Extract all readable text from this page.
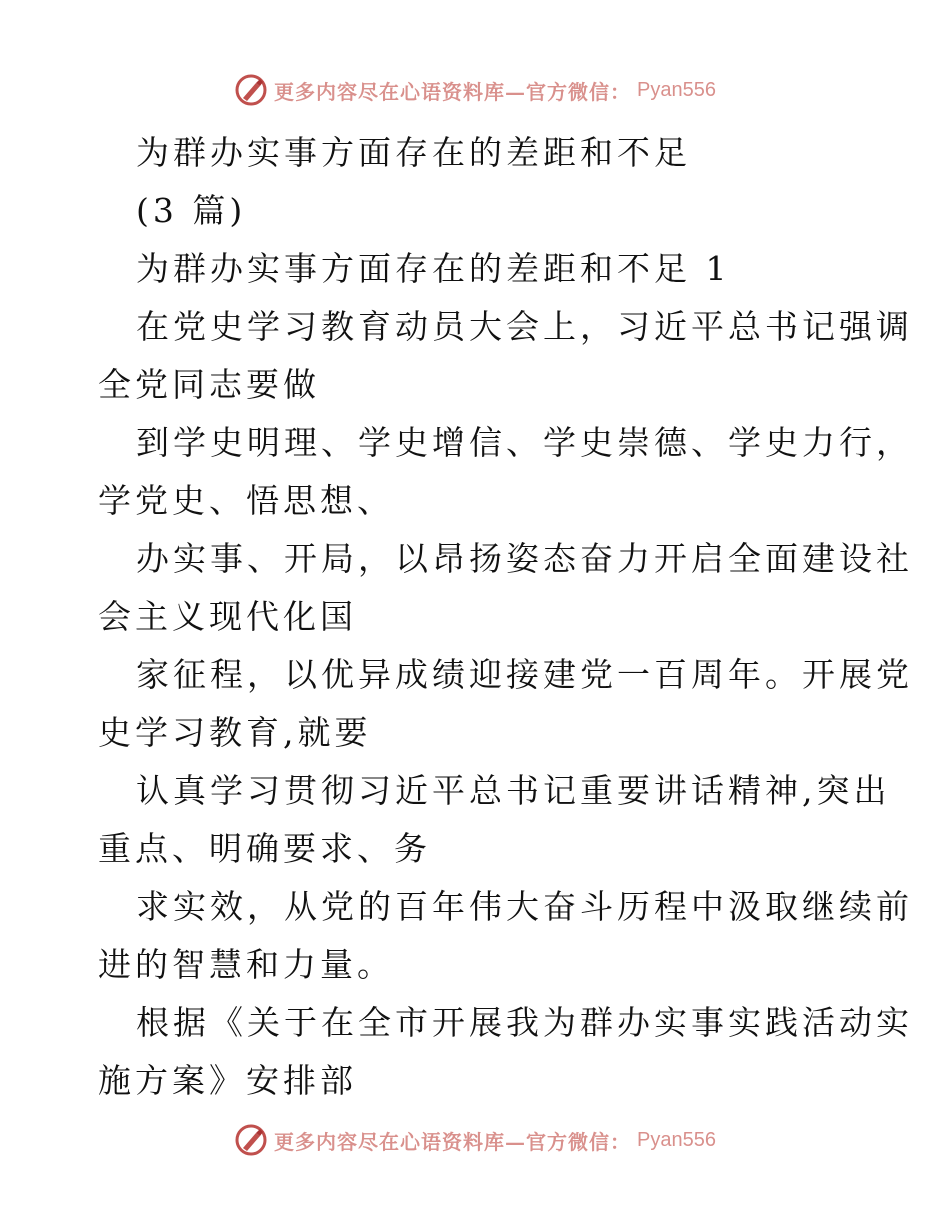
更多内容尽在心语资料库—官方微信： Pyan556
为群办实事方面存在的差距和不足
(3 篇)
为群办实事方面存在的差距和不足 1
在党史学习教育动员大会上，习近平总书记强调
全党同志要做
到学史明理、学史增信、学史崇德、学史力行，
学党史、悟思想、
办实事、开局，以昂扬姿态奋力开启全面建设社
会主义现代化国
家征程，以优异成绩迎接建党一百周年。开展党
史学习教育,就要
认真学习贯彻习近平总书记重要讲话精神,突出
重点、明确要求、务
求实效，从党的百年伟大奋斗历程中汲取继续前
进的智慧和力量。
根据《关于在全市开展我为群办实事实践活动实
施方案》安排部
更多内容尽在心语资料库—官方微信： Pyan556
